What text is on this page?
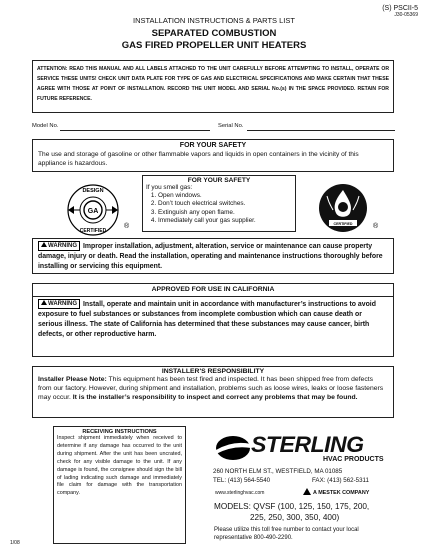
(S) PSCII-5
J30-05369
INSTALLATION INSTRUCTIONS & PARTS LIST
SEPARATED COMBUSTION
GAS FIRED PROPELLER UNIT HEATERS
ATTENTION: READ THIS MANUAL AND ALL LABELS ATTACHED TO THE UNIT CAREFULLY BEFORE ATTEMPTING TO INSTALL, OPERATE OR SERVICE THESE UNITS! CHECK UNIT DATA PLATE FOR TYPE OF GAS AND ELECTRICAL SPECIFICATIONS AND MAKE CERTAIN THAT THESE AGREE WITH THOSE AT POINT OF INSTALLATION. RECORD THE UNIT MODEL AND SERIAL No.(s) IN THE SPACE PROVIDED. RETAIN FOR FUTURE REFERENCE.
Model No.	Serial No.
FOR YOUR SAFETY
The use and storage of gasoline or other flammable vapors and liquids in open containers in the vicinity of this appliance is hazardous.
DESIGN
CERTIFIED
GA
®
FOR YOUR SAFETY
If you smell gas:
1. Open windows.
2. Don’t touch electrical switches.
3. Extinguish any open flame.
4. Immediately call your gas supplier.
CERTIFIED	®
WARNING Improper installation, adjustment, alteration, service or maintenance can cause property damage, injury or death. Read the installation, operating and maintenance instructions thoroughly before installing or servicing this equipment.
APPROVED FOR USE IN CALIFORNIA
WARNING Install, operate and maintain unit in accordance with manufacturer’s instructions to avoid exposure to fuel substances or substances from incomplete combustion which can cause death or serious illness. The state of California has determined that these substances may cause cancer, birth defects, or other reproductive harm.
INSTALLER'S RESPONSIBILITY
Installer Please Note: This equipment has been test fired and inspected. It has been shipped free from defects from our factory. However, during shipment and installation, problems such as loose wires, leaks or loose fasteners may occur. It is the installer’s responsibility to inspect and correct any problems that may be found.
RECEIVING INSTRUCTIONS
Inspect shipment immediately when received to determine if any damage has occurred to the unit during shipment. After the unit has been uncrated, check for any visible damage to the unit. If any damage is found, the consignee should sign the bill of lading indicating such damage and immediately file claim for damage with the transportation company.
STERLING
HVAC PRODUCTS
260 NORTH ELM ST., WESTFIELD, MA 01085
TEL: (413) 564-5540	FAX: (413) 562-5311
www.sterlinghvac.com	A MESTEK COMPANY
MODELS: QVSF (100, 125, 150, 175, 200,
225, 250, 300, 350, 400)
Please utilize this toll free number to contact your local representative 800-490-2290.
1/08
